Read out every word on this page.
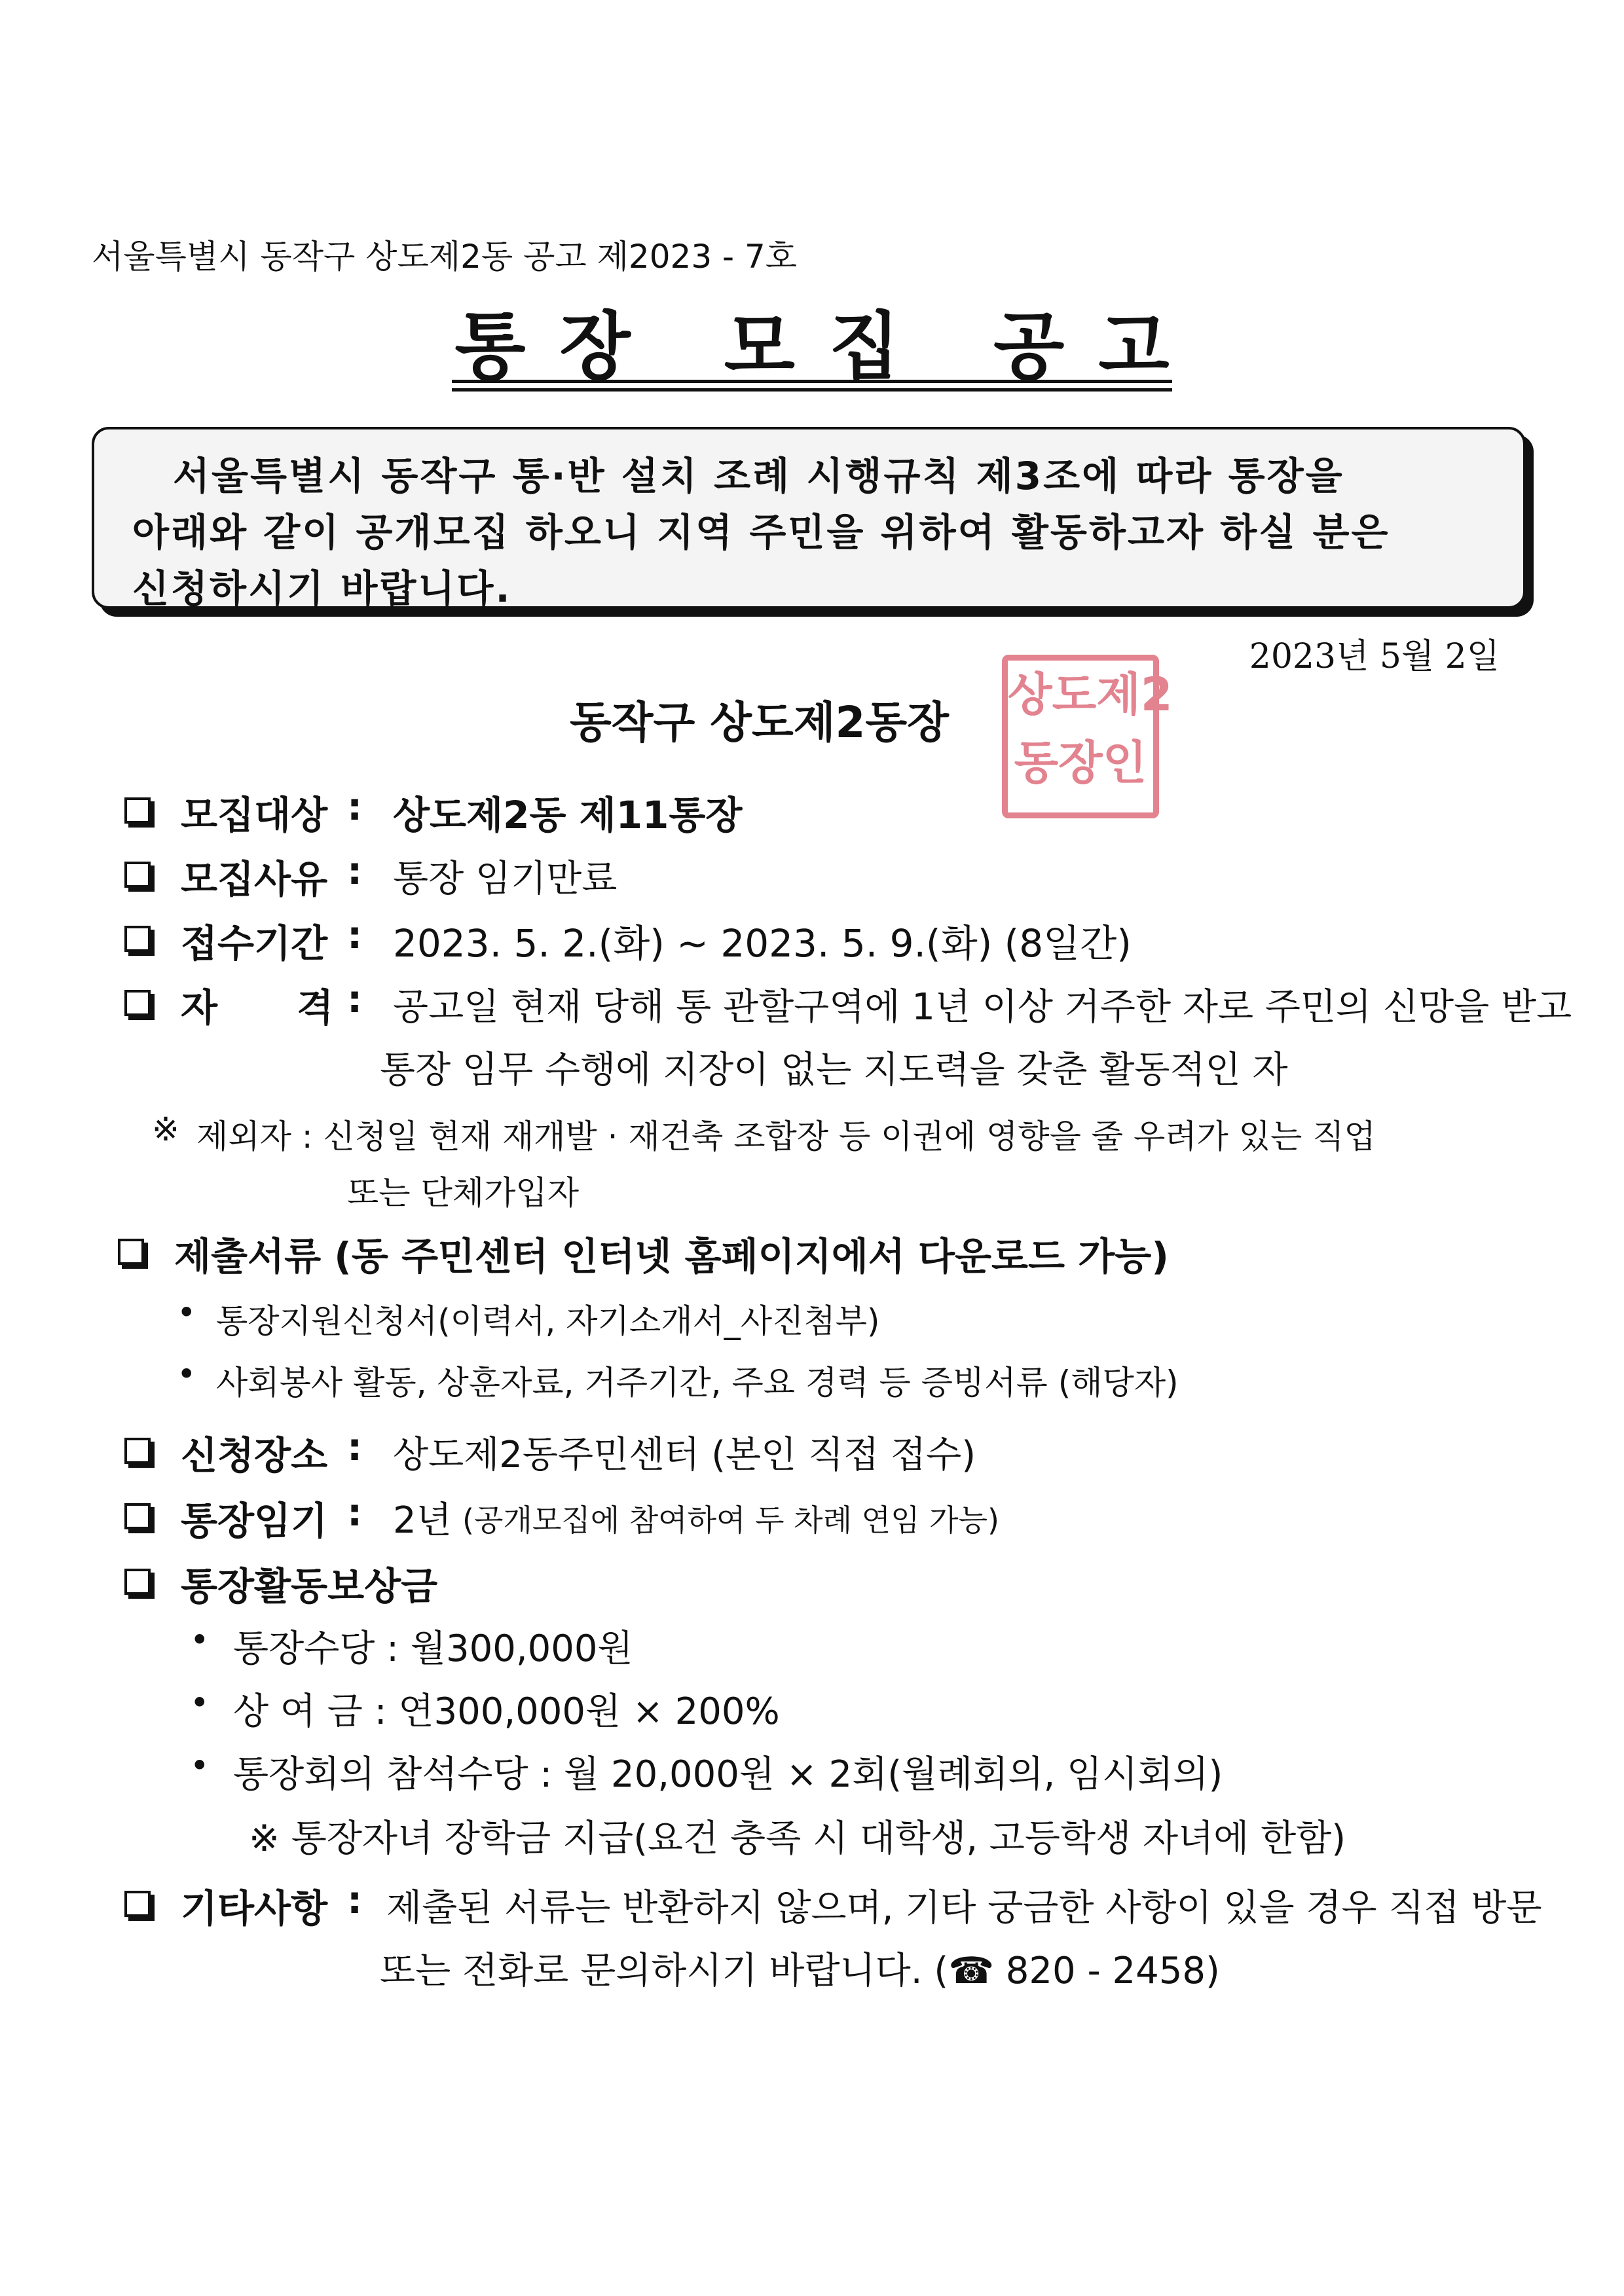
서울특별시 동작구 상도제2동 공고 제2023 - 7호
통장 모집 공고
서울특별시 동작구 통·반 설치 조례 시행규칙 제3조에 따라 통장을
아래와 같이 공개모집 하오니 지역 주민을 위하여 활동하고자 하실 분은
신청하시기 바랍니다.
2023년 5월 2일
동작구 상도제2동장
상도제2
동장인
모집대상 : 상도제2동 제11통장
모집사유 : 통장 임기만료
접수기간 : 2023. 5. 2.(화) ~ 2023. 5. 9.(화) (8일간)
자      격 : 공고일 현재 당해 통 관할구역에 1년 이상 거주한 자로 주민의 신망을 받고
통장 임무 수행에 지장이 없는 지도력을 갖춘 활동적인 자
※ 제외자 : 신청일 현재 재개발 · 재건축 조합장 등 이권에 영향을 줄 우려가 있는 직업
또는 단체가입자
제출서류 (동 주민센터 인터넷 홈페이지에서 다운로드 가능)
• 통장지원신청서(이력서, 자기소개서_사진첨부)
• 사회봉사 활동, 상훈자료, 거주기간, 주요 경력 등 증빙서류 (해당자)
신청장소 : 상도제2동주민센터 (본인 직접 접수)
통장임기 : 2년 (공개모집에 참여하여 두 차례 연임 가능)
통장활동보상금
• 통장수당 : 월300,000원
• 상 여 금 : 연300,000원 × 200%
• 통장회의 참석수당 : 월 20,000원 × 2회(월례회의, 임시회의)
※ 통장자녀 장학금 지급(요건 충족 시 대학생, 고등학생 자녀에 한함)
기타사항 : 제출된 서류는 반환하지 않으며, 기타 궁금한 사항이 있을 경우 직접 방문
또는 전화로 문의하시기 바랍니다. (☎ 820 - 2458)
